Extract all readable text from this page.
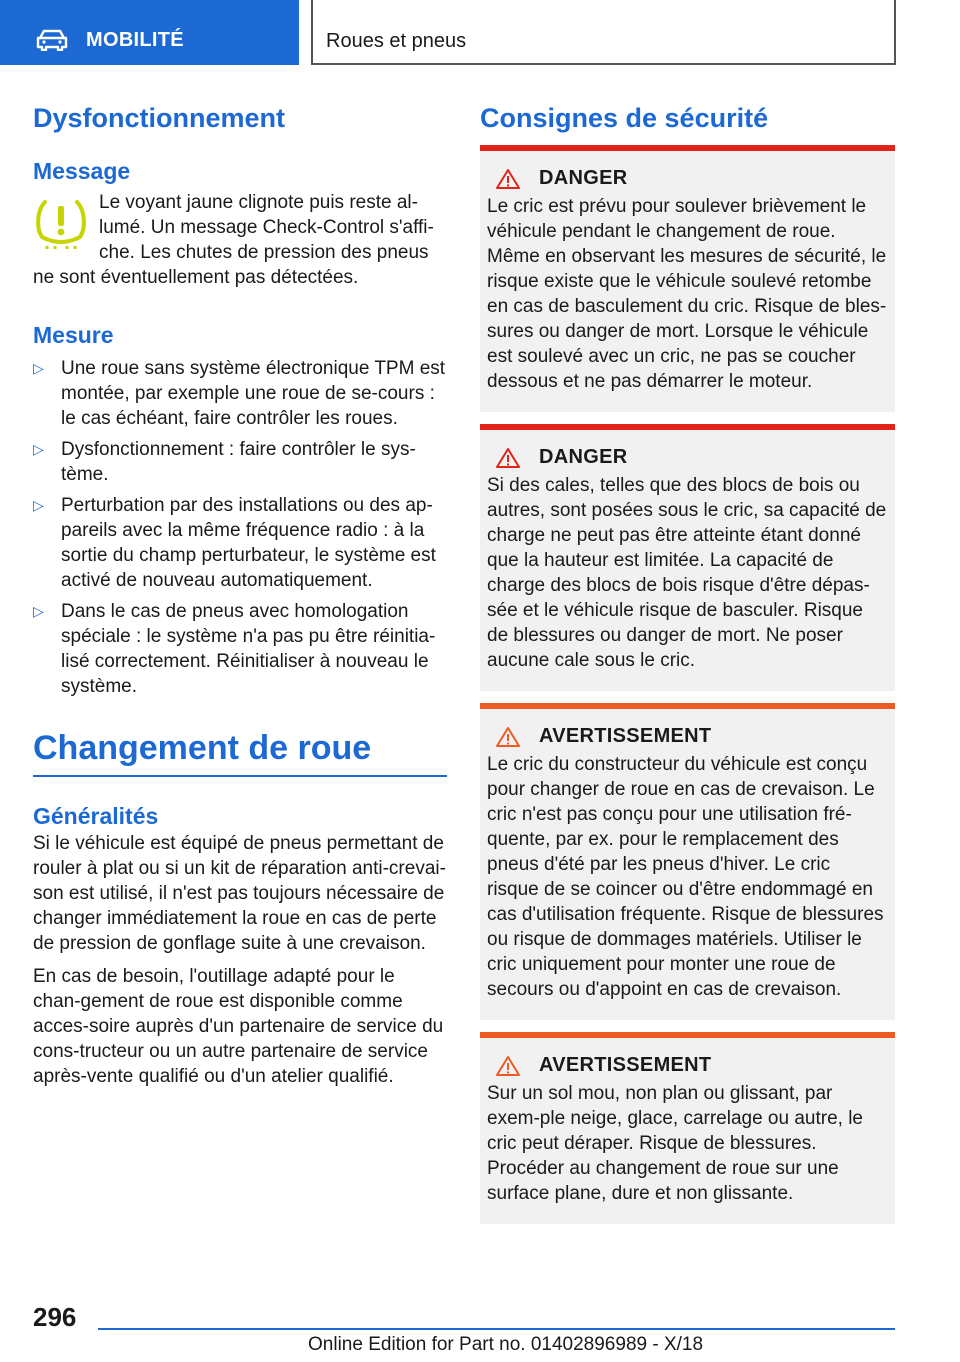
MOBILITÉ	Roues et pneus
Dysfonctionnement
Message
Le voyant jaune clignote puis reste al-
lumé. Un message Check-Control s'affi-
che. Les chutes de pression des pneus
ne sont éventuellement pas détectées.
Mesure
▷ Une roue sans système électronique TPM est montée, par exemple une roue de se-cours : le cas échéant, faire contrôler les roues.
▷ Dysfonctionnement : faire contrôler le sys-tème.
▷ Perturbation par des installations ou des ap-pareils avec la même fréquence radio : à la sortie du champ perturbateur, le système est activé de nouveau automatiquement.
▷ Dans le cas de pneus avec homologation spéciale : le système n'a pas pu être réinitia-lisé correctement. Réinitialiser à nouveau le système.
Changement de roue
Généralités
Si le véhicule est équipé de pneus permettant de rouler à plat ou si un kit de réparation anti-crevai-son est utilisé, il n'est pas toujours nécessaire de changer immédiatement la roue en cas de perte de pression de gonflage suite à une crevaison.
En cas de besoin, l'outillage adapté pour le chan-gement de roue est disponible comme acces-soire auprès d'un partenaire de service du cons-tructeur ou un autre partenaire de service après-vente qualifié ou d'un atelier qualifié.
Consignes de sécurité
DANGER
Le cric est prévu pour soulever brièvement le véhicule pendant le changement de roue. Même en observant les mesures de sécurité, le risque existe que le véhicule soulevé retombe en cas de basculement du cric. Risque de bles-sures ou danger de mort. Lorsque le véhicule est soulevé avec un cric, ne pas se coucher dessous et ne pas démarrer le moteur.
DANGER
Si des cales, telles que des blocs de bois ou autres, sont posées sous le cric, sa capacité de charge ne peut pas être atteinte étant donné que la hauteur est limitée. La capacité de charge des blocs de bois risque d'être dépas-sée et le véhicule risque de basculer. Risque de blessures ou danger de mort. Ne poser aucune cale sous le cric.
AVERTISSEMENT
Le cric du constructeur du véhicule est conçu pour changer de roue en cas de crevaison. Le cric n'est pas conçu pour une utilisation fré-quente, par ex. pour le remplacement des pneus d'été par les pneus d'hiver. Le cric risque de se coincer ou d'être endommagé en cas d'utilisation fréquente. Risque de blessures ou risque de dommages matériels. Utiliser le cric uniquement pour monter une roue de secours ou d'appoint en cas de crevaison.
AVERTISSEMENT
Sur un sol mou, non plan ou glissant, par exem-ple neige, glace, carrelage ou autre, le cric peut déraper. Risque de blessures. Procéder au changement de roue sur une surface plane, dure et non glissante.
296
Online Edition for Part no. 01402896989 - X/18
